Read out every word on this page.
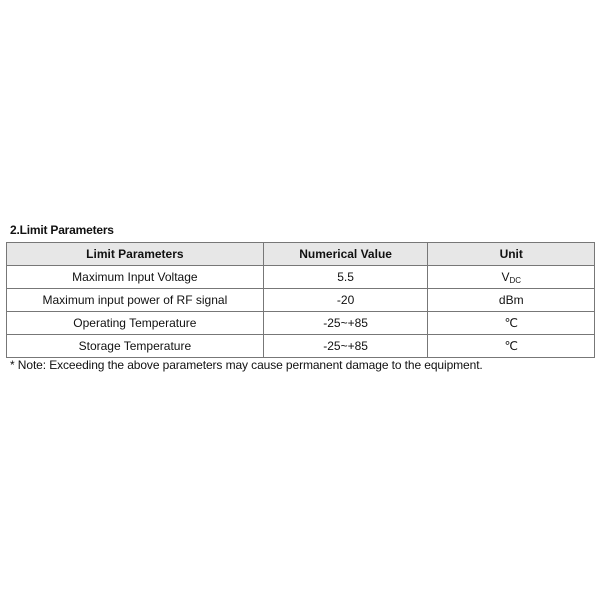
2.Limit Parameters
Limit Parameters	Numerical Value	Unit
Maximum Input Voltage	5.5	$V_{DC}$
Maximum input power of RF signal	-20	dBm
Operating Temperature	-25~+85	℃
Storage Temperature	-25~+85	℃
* Note: Exceeding the above parameters may cause permanent damage to the equipment.
